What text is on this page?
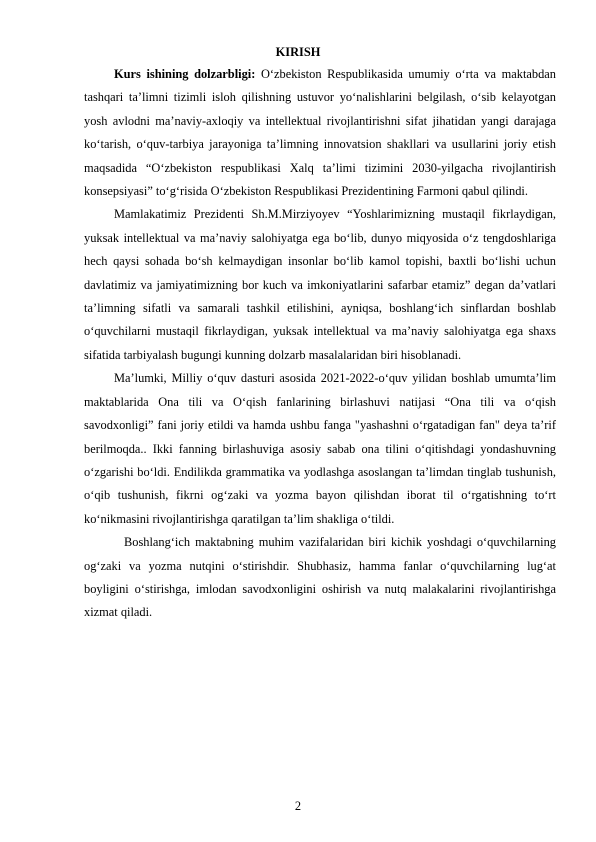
KIRISH

Kurs ishining dolzarbligi: O‘zbekiston Respublikasida umumiy o‘rta va maktabdan tashqari ta’limni tizimli isloh qilishning ustuvor yo‘nalishlarini belgilash, o‘sib kelayotgan yosh avlodni ma’naviy-axloqiy va intellektual rivojlantirishni sifat jihatidan yangi darajaga ko‘tarish, o‘quv-tarbiya jarayoniga ta’limning innovatsion shakllari va usullarini joriy etish maqsadida “O‘zbekiston respublikasi Xalq ta’limi tizimini 2030-yilgacha rivojlantirish konsepsiyasi” to‘g‘risida O‘zbekiston Respublikasi Prezidentining Farmoni qabul qilindi.

Mamlakatimiz Prezidenti Sh.M.Mirziyoyev “Yoshlarimizning mustaqil fikrlaydigan, yuksak intellektual va ma’naviy salohiyatga ega bo‘lib, dunyo miqyosida o‘z tengdoshlariga hech qaysi sohada bo‘sh kelmaydigan insonlar bo‘lib kamol topishi, baxtli bo‘lishi uchun davlatimiz va jamiyatimizning bor kuch va imkoniyatlarini safarbar etamiz” degan da’vatlari ta’limning sifatli va samarali tashkil etilishini, ayniqsa, boshlang‘ich sinflardan boshlab o‘quvchilarni mustaqil fikrlaydigan, yuksak intellektual va ma’naviy salohiyatga ega shaxs sifatida tarbiyalash bugungi kunning dolzarb masalalaridan biri hisoblanadi.

Ma’lumki, Milliy o‘quv dasturi asosida 2021-2022-o‘quv yilidan boshlab umumta’lim maktablarida Ona tili va O‘qish fanlarining birlashuvi natijasi “Ona tili va o‘qish savodxonligi” fani joriy etildi va hamda ushbu fanga "yashashni o‘rgatadigan fan" deya ta’rif berilmoqda.. Ikki fanning birlashuviga asosiy sabab ona tilini o‘qitishdagi yondashuvning o‘zgarishi bo‘ldi. Endilikda grammatika va yodlashga asoslangan ta’limdan tinglab tushunish, o‘qib tushunish, fikrni og‘zaki va yozma bayon qilishdan iborat til o‘rgatishning to‘rt ko‘nikmasini rivojlantirishga qaratilgan ta’lim shakliga o‘tildi.

Boshlang‘ich maktabning muhim vazifalaridan biri kichik yoshdagi o‘quvchilarning og‘zaki va yozma nutqini o‘stirishdir. Shubhasiz, hamma fanlar o‘quvchilarning lug‘at boyligini o‘stirishga, imlodan savodxonligini oshirish va nutq malakalarini rivojlantirishga xizmat qiladi.

2
